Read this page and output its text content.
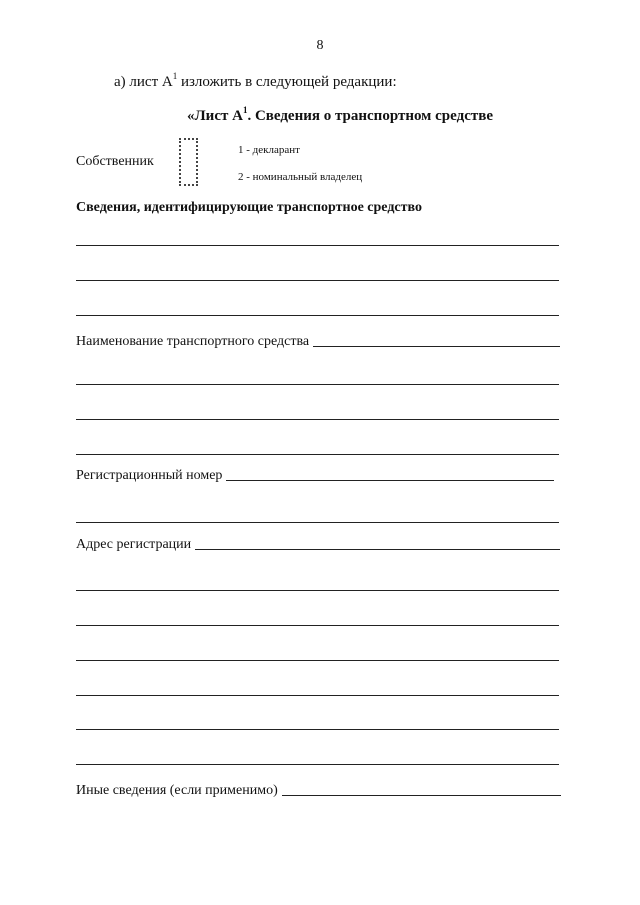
8
а) лист $А^1$ изложить в следующей редакции:
«Лист $А^1$. Сведения о транспортном средстве
Собственник
1 - декларант
2 - номинальный владелец
Сведения, идентифицирующие транспортное средство
Наименование транспортного средства
Регистрационный номер
Адрес регистрации
Иные сведения (если применимо)
